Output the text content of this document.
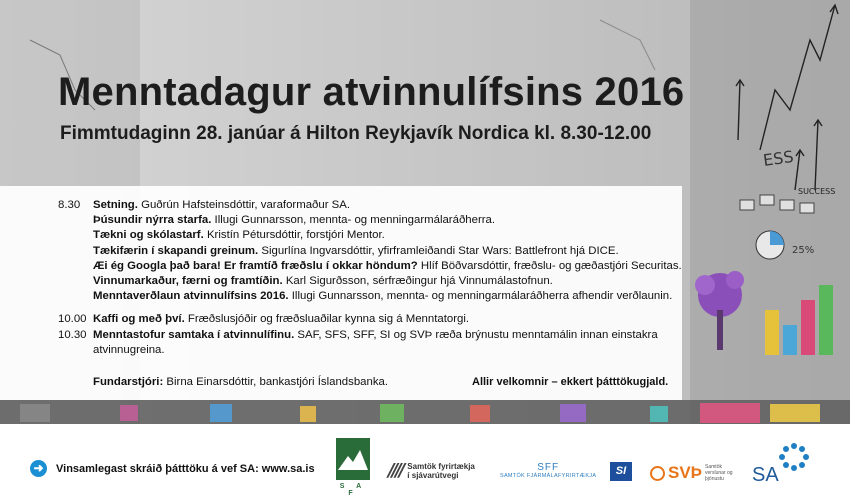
ESS
SUCCESS
25%
Menntadagur atvinnulífsins 2016
Fimmtudaginn 28. janúar á Hilton Reykjavík Nordica kl. 8.30-12.00
8.30 Setning. Guðrún Hafsteinsdóttir, varaformaður SA.
Þúsundir nýrra starfa. Illugi Gunnarsson, mennta- og menningarmálaráðherra.
Tækni og skólastarf. Kristín Pétursdóttir, forstjóri Mentor.
Tækifærin í skapandi greinum. Sigurlína Ingvarsdóttir, yfirframleiðandi Star Wars: Battlefront hjá DICE.
Æi ég Googla það bara! Er framtíð fræðslu í okkar höndum? Hlíf Böðvarsdóttir, fræðslu- og gæðastjóri Securitas.
Vinnumarkaður, færni og framtíðin. Karl Sigurðsson, sérfræðingur hjá Vinnumálastofnun.
Menntaverðlaun atvinnulífsins 2016. Illugi Gunnarsson, mennta- og menningarmálaráðherra afhendir verðlaunin.
10.00 Kaffi og með því. Fræðslusjóðir og fræðsluaðilar kynna sig á Menntatorgi.
10.30 Menntastofur samtaka í atvinnulífinu. SAF, SFS, SFF, SI og SVÞ ræða brýnustu menntamálin innan einstakra atvinnugreina.
Fundarstjóri: Birna Einarsdóttir, bankastjóri Íslandsbanka.	Allir velkomnir – ekkert þátttökugjald.
➜	Vinsamlegast skráið þátttöku á vef SA: www.sa.is
S A F
//// Samtök fyrirtækja
í sjávarútvegi
SFF
SAMTÖK FJÁRMÁLAFYRIRTÆKJA	SI	SVÞ Samtök verslunar og þjónustu	SA
